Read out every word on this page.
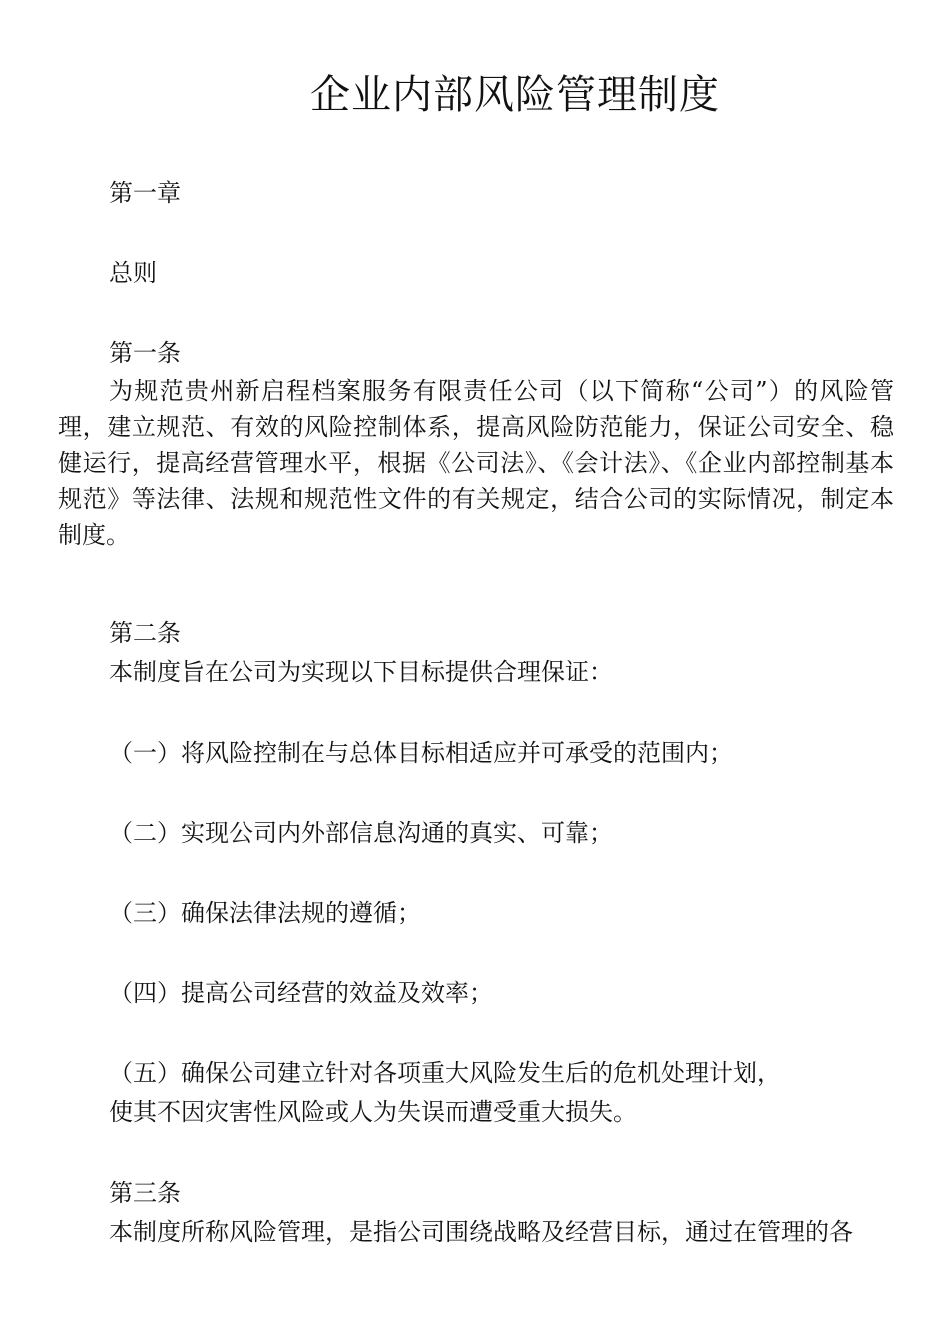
企业内部风险管理制度
第一章
总则
第一条
为规范贵州新启程档案服务有限责任公司（以下简称“公司”）的风险管理，建立规范、有效的风险控制体系，提高风险防范能力，保证公司安全、稳健运行，提高经营管理水平，根据《公司法》、《会计法》、《企业内部控制基本规范》等法律、法规和规范性文件的有关规定，结合公司的实际情况，制定本制度。
第二条
本制度旨在公司为实现以下目标提供合理保证：
（一）将风险控制在与总体目标相适应并可承受的范围内；
（二）实现公司内外部信息沟通的真实、可靠；
（三）确保法律法规的遵循；
（四）提高公司经营的效益及效率；
（五）确保公司建立针对各项重大风险发生后的危机处理计划，
使其不因灾害性风险或人为失误而遭受重大损失。
第三条
本制度所称风险管理，是指公司围绕战略及经营目标，通过在管理的各
